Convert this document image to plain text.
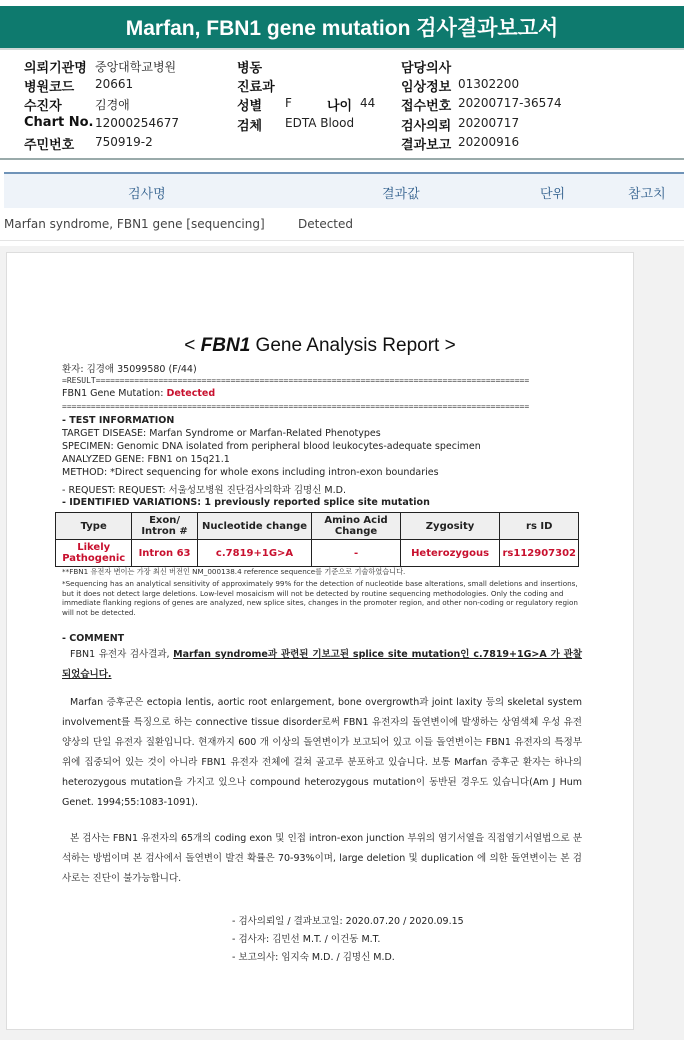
Marfan, FBN1 gene mutation 검사결과보고서
의뢰기관명 중앙대학교병원
병원코드 20661
수진자	김경애
Chart No. 12000254677
주민번호 750919-2
병동
진료과
성별 F	나이 44
검체 EDTA Blood
담당의사
임상정보 01302200
접수번호 20200717-36574
검사의뢰 20200717
결과보고 20200916
검사명	결과값	단위	참고치
Marfan syndrome, FBN1 gene [sequencing]	Detected
< FBN1 Gene Analysis Report >
환자: 김경애 35099580 (F/44)
=RESULT==========================================================================================
FBN1 Gene Mutation: Detected
=================================================================================================
- TEST INFORMATION
TARGET DISEASE: Marfan Syndrome or Marfan-Related Phenotypes
SPECIMEN: Genomic DNA isolated from peripheral blood leukocytes-adequate specimen
ANALYZED GENE: FBN1 on 15q21.1
METHOD: *Direct sequencing for whole exons including intron-exon boundaries
- REQUEST: REQUEST: 서울성모병원 진단검사의학과 김명신 M.D.
- IDENTIFIED VARIATIONS: 1 previously reported splice site mutation
Type	Exon/ Intron #	Nucleotide change	Amino Acid Change	Zygosity	rs ID
Likely Pathogenic	Intron 63	c.7819+1G>A	-	Heterozygous	rs112907302
**FBN1 유전자 변이는 가장 최신 버전인 NM_000138.4 reference sequence를 기준으로 기술하였습니다.
*Sequencing has an analytical sensitivity of approximately 99% for the detection of nucleotide base alterations, small deletions and insertions, but it does not detect large deletions. Low-level mosaicism will not be detected by routine sequencing methodologies. Only the coding and immediate flanking regions of genes are analyzed, new splice sites, changes in the promoter region, and other non-coding or regulatory region will not be detected.
- COMMENT
FBN1 유전자 검사결과, Marfan syndrome과 관련된 기보고된 splice site mutation인 c.7819+1G>A 가 관찰되었습니다.
Marfan 증후군은 ectopia lentis, aortic root enlargement, bone overgrowth과 joint laxity 등의 skeletal system involvement를 특징으로 하는 connective tissue disorder로써 FBN1 유전자의 돌연변이에 발생하는 상염색체 우성 유전양상의 단일 유전자 질환입니다. 현재까지 600 개 이상의 돌연변이가 보고되어 있고 이들 돌연변이는 FBN1 유전자의 특정부위에 집중되어 있는 것이 아니라 FBN1 유전자 전체에 걸쳐 골고루 분포하고 있습니다. 보통 Marfan 증후군 환자는 하나의 heterozygous mutation을 가지고 있으나 compound heterozygous mutation이 동반된 경우도 있습니다(Am J Hum Genet. 1994;55:1083-1091).
본 검사는 FBN1 유전자의 65개의 coding exon 및 인접 intron-exon junction 부위의 염기서열을 직접염기서열법으로 분석하는 방법이며 본 검사에서 돌연변이 발견 확률은 70-93%이며, large deletion 및 duplication 에 의한 돌연변이는 본 검사로는 진단이 불가능합니다.
- 검사의뢰일 / 결과보고일: 2020.07.20 / 2020.09.15
- 검사자: 김민선 M.T. / 이건동 M.T.
- 보고의사: 임지숙 M.D. / 김명신 M.D.
